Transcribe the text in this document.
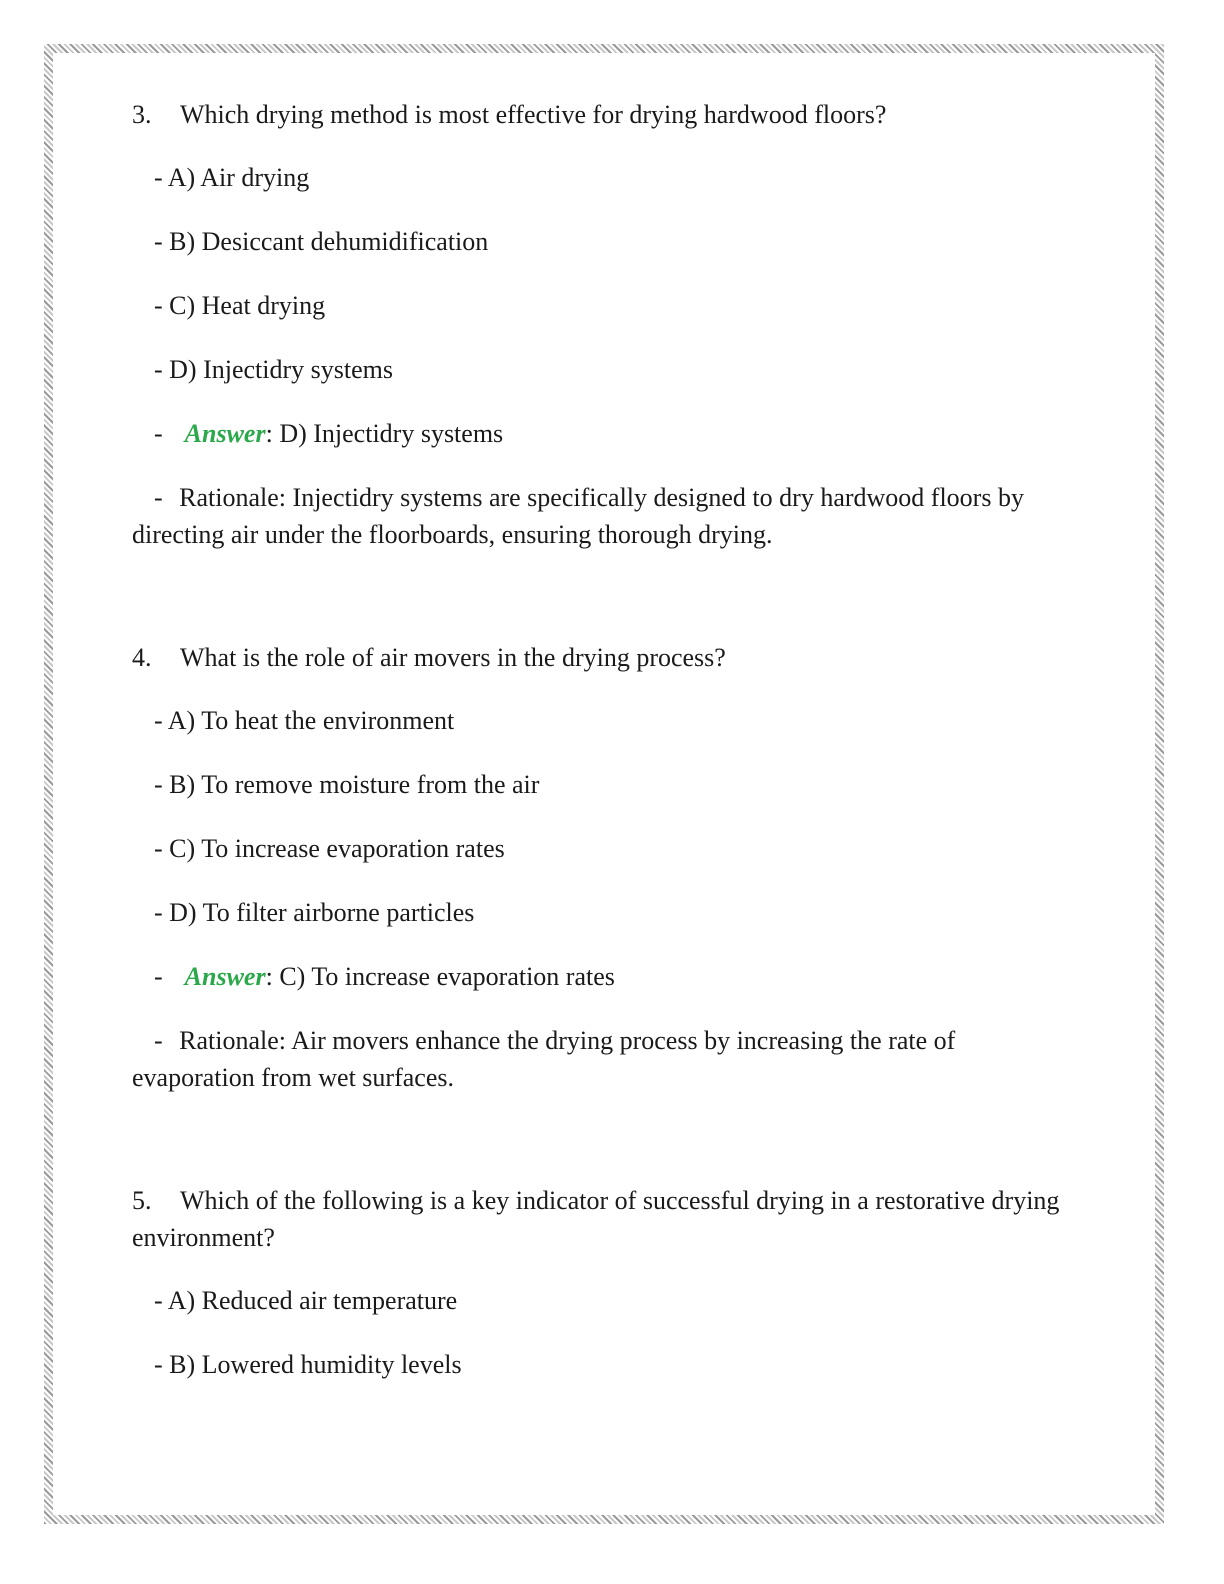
3. Which drying method is most effective for drying hardwood floors?
- A) Air drying
- B) Desiccant dehumidification
- C) Heat drying
- D) Injectidry systems
- Answer: D) Injectidry systems
- Rationale: Injectidry systems are specifically designed to dry hardwood floors by directing air under the floorboards, ensuring thorough drying.
4. What is the role of air movers in the drying process?
- A) To heat the environment
- B) To remove moisture from the air
- C) To increase evaporation rates
- D) To filter airborne particles
- Answer: C) To increase evaporation rates
- Rationale: Air movers enhance the drying process by increasing the rate of evaporation from wet surfaces.
5. Which of the following is a key indicator of successful drying in a restorative drying environment?
- A) Reduced air temperature
- B) Lowered humidity levels
